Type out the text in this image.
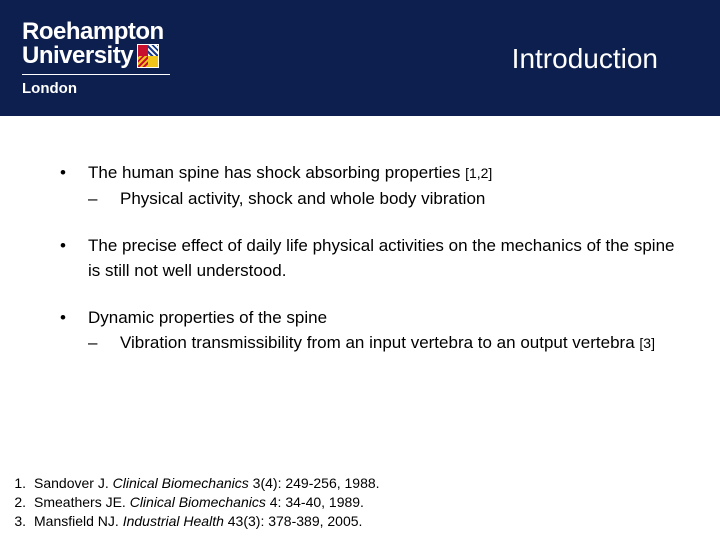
Roehampton
University
London
Introduction
• The human spine has shock absorbing properties [1,2]
– Physical activity, shock and whole body vibration
• The precise effect of daily life physical activities on the mechanics of the spine is still not well understood.
• Dynamic properties of the spine
– Vibration transmissibility from an input vertebra to an output vertebra [3]
1. Sandover J. Clinical Biomechanics 3(4): 249-256, 1988.
2. Smeathers JE. Clinical Biomechanics 4: 34-40, 1989.
3. Mansfield NJ. Industrial Health 43(3): 378-389, 2005.
